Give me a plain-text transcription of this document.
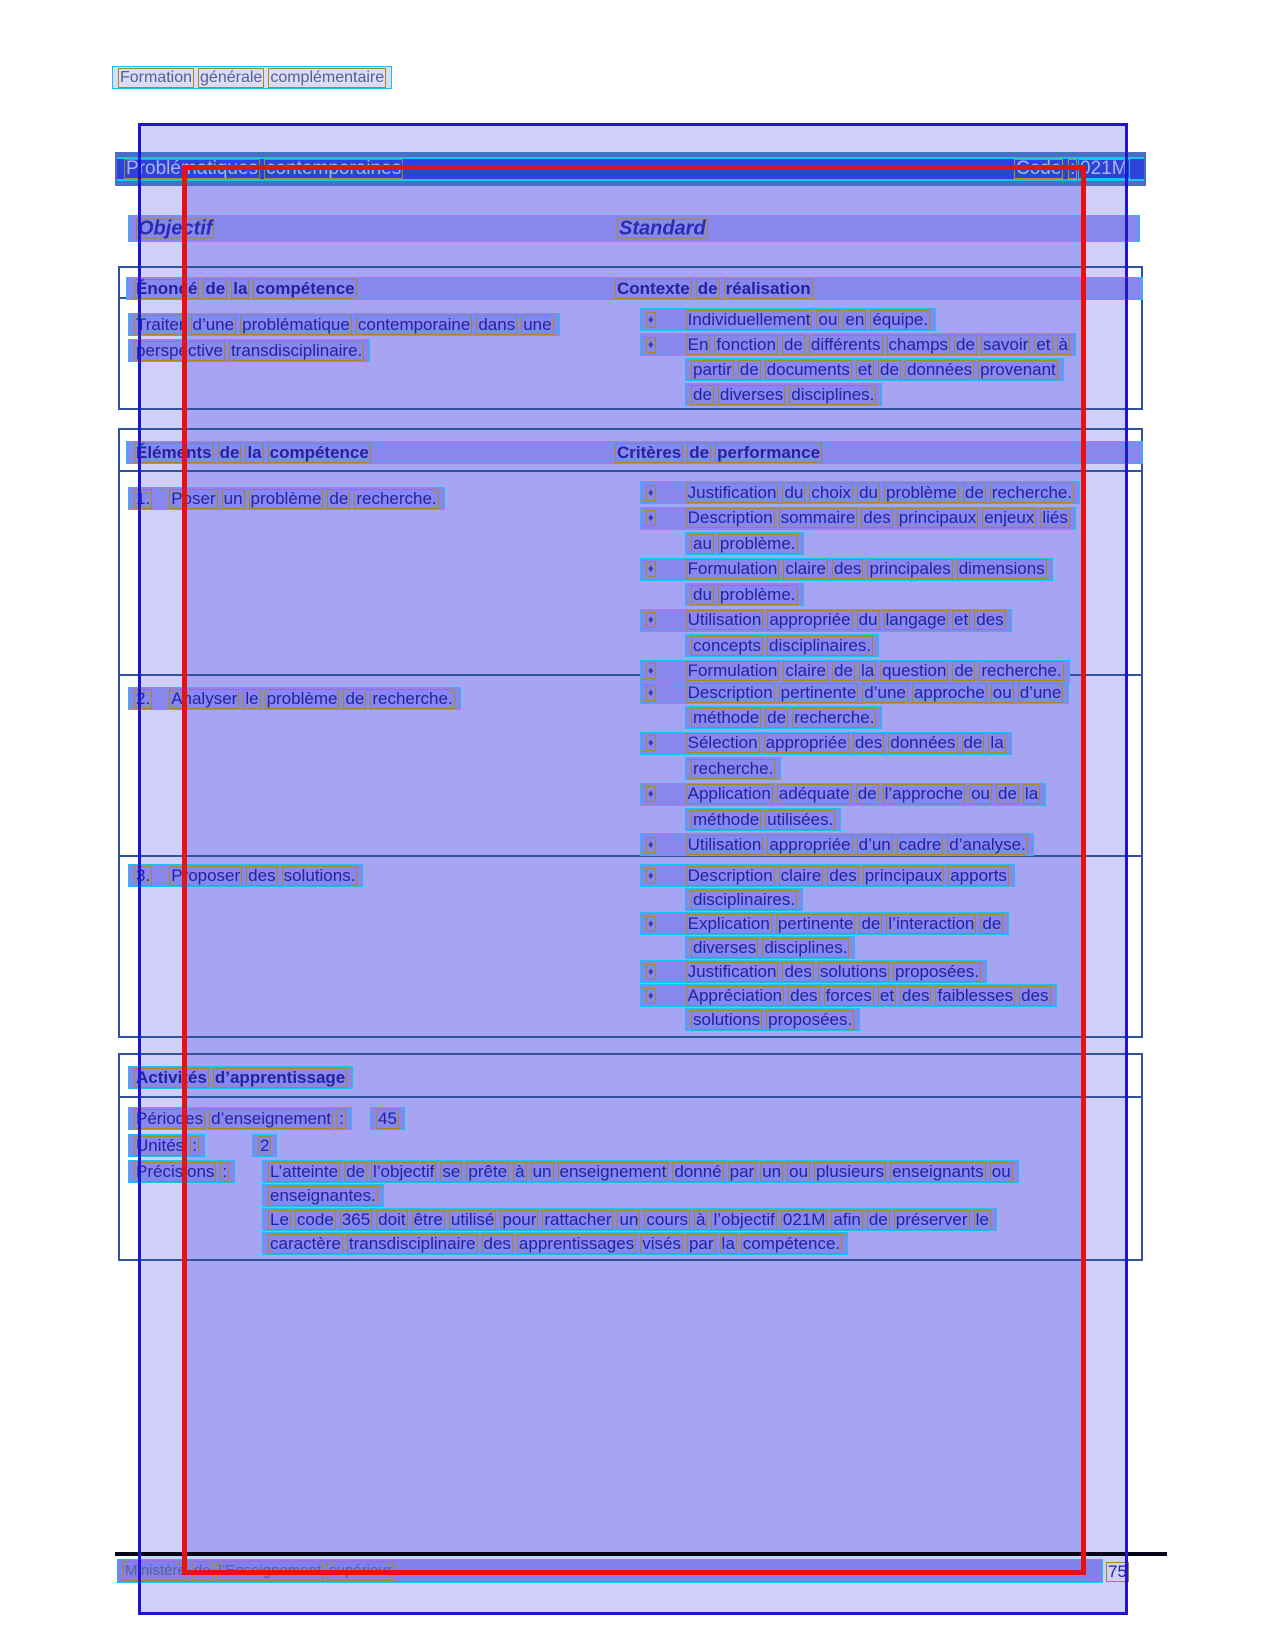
Problématiques contemporaines	Code : 021M
Formation générale complémentaire
Objectif	Standard
Énoncé de la compétence	Contexte de réalisation
Traiter d’une problématique contemporaine dans une
perspective transdisciplinaire.
♦ Individuellement ou en équipe.
♦ En fonction de différents champs de savoir et à
partir de documents et de données provenant
de diverses disciplines.
Éléments de la compétence	Critères de performance
1. Poser un problème de recherche.	♦ Justification du choix du problème de recherche.
♦ Description sommaire des principaux enjeux liés
au problème.
♦ Formulation claire des principales dimensions
du problème.
♦ Utilisation appropriée du langage et des
concepts disciplinaires.
♦ Formulation claire de la question de recherche.
2. Analyser le problème de recherche.	♦ Description pertinente d’une approche ou d’une
méthode de recherche.
♦ Sélection appropriée des données de la
recherche.
♦ Application adéquate de l’approche ou de la
méthode utilisées.
♦ Utilisation appropriée d’un cadre d’analyse.
3. Proposer des solutions.	♦ Description claire des principaux apports
disciplinaires.
♦ Explication pertinente de l’interaction de
diverses disciplines.
♦ Justification des solutions proposées.
♦ Appréciation des forces et des faiblesses des
solutions proposées.
Activités d’apprentissage
Périodes d’enseignement : 45
Unités :	2
Précisions :	L’atteinte de l’objectif se prête à un enseignement donné par un ou plusieurs enseignants ou
enseignantes.
Le code 365 doit être utilisé pour rattacher un cours à l’objectif 021M afin de préserver le
caractère transdisciplinaire des apprentissages visés par la compétence.
Ministère de l’Enseignement supérieur	75
